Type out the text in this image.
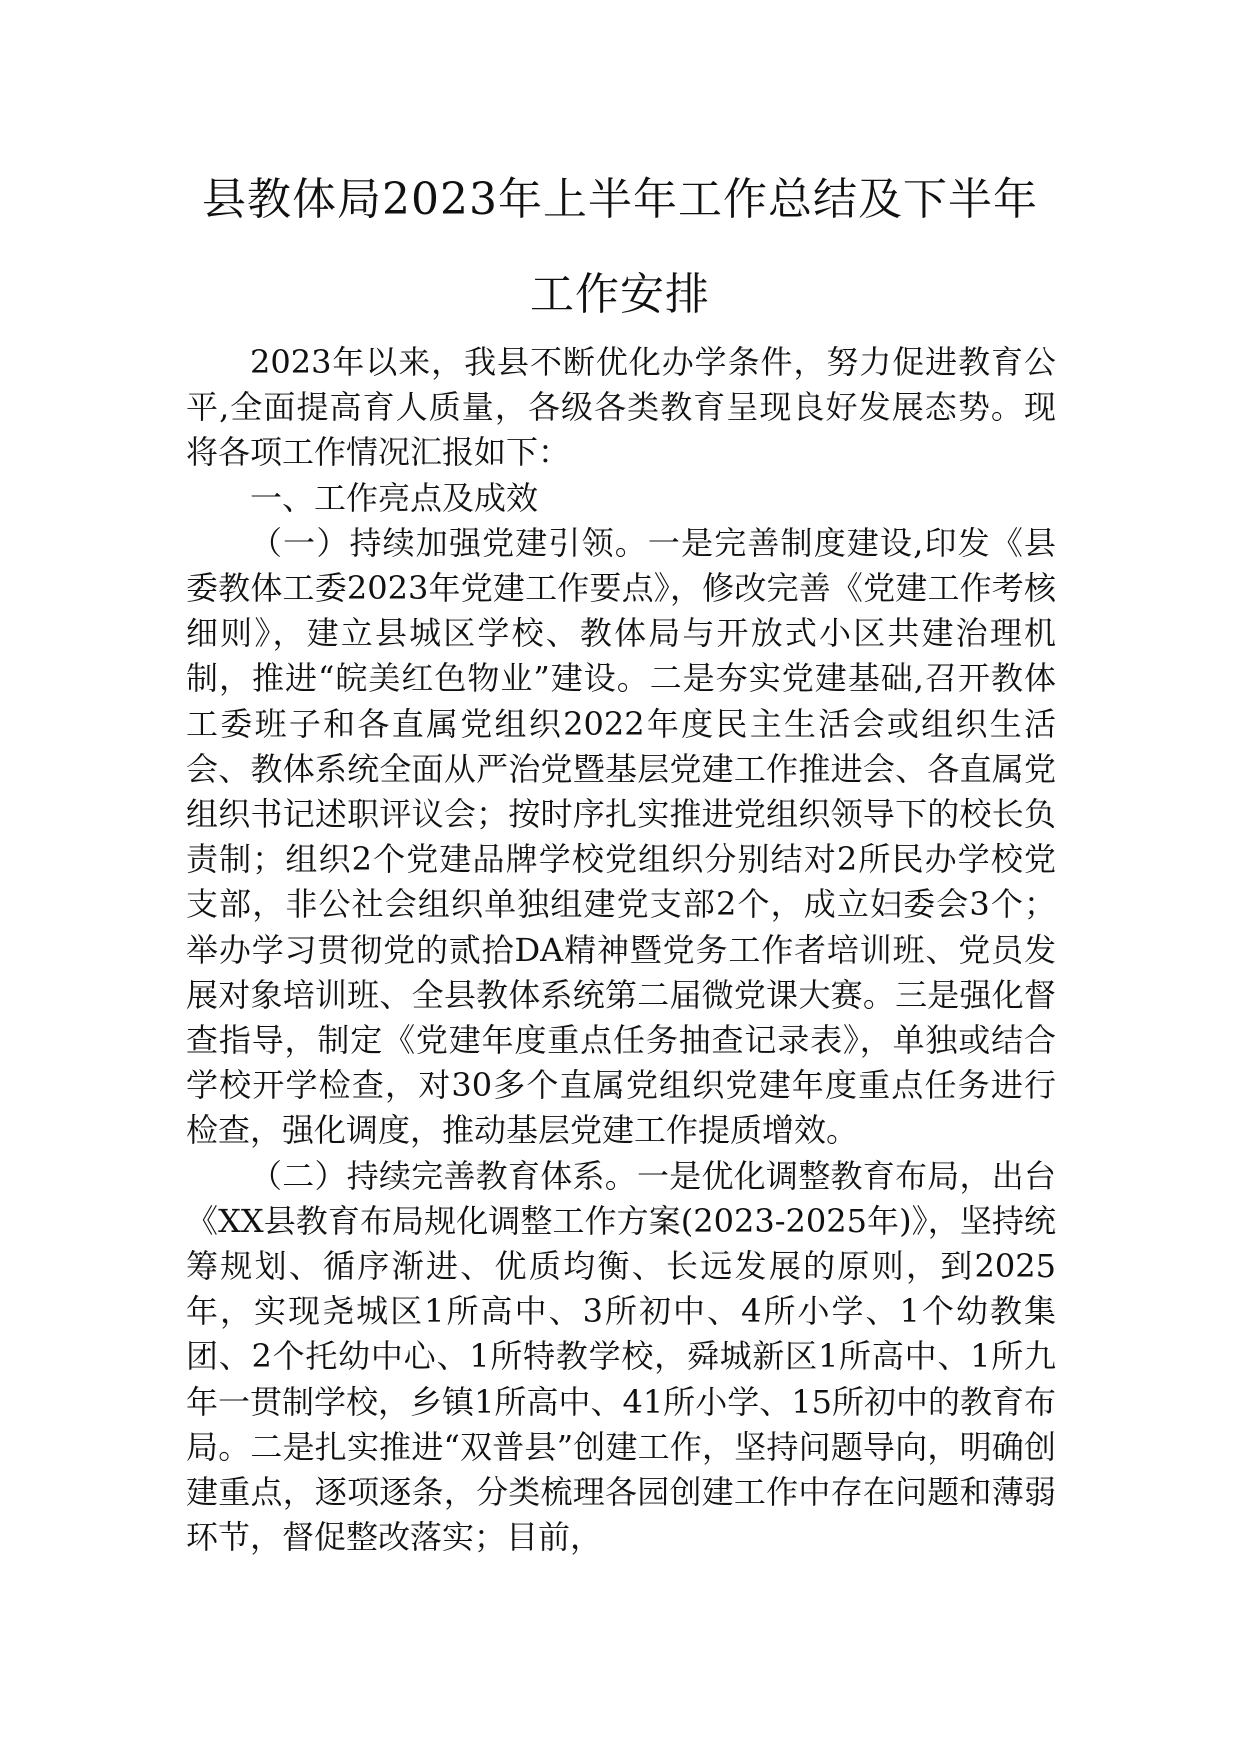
县教体局2023年上半年工作总结及下半年
工作安排

2023年以来，我县不断优化办学条件，努力促进教育公平,全面提高育人质量，各级各类教育呈现良好发展态势。现将各项工作情况汇报如下：

一、工作亮点及成效

（一）持续加强党建引领。一是完善制度建设,印发《县委教体工委2023年党建工作要点》，修改完善《党建工作考核细则》，建立县城区学校、教体局与开放式小区共建治理机制，推进“皖美红色物业”建设。二是夯实党建基础,召开教体工委班子和各直属党组织2022年度民主生活会或组织生活会、教体系统全面从严治党暨基层党建工作推进会、各直属党组织书记述职评议会；按时序扎实推进党组织领导下的校长负责制；组织2个党建品牌学校党组织分别结对2所民办学校党支部，非公社会组织单独组建党支部2个，成立妇委会3个；举办学习贯彻党的贰拾DA精神暨党务工作者培训班、党员发展对象培训班、全县教体系统第二届微党课大赛。三是强化督查指导，制定《党建年度重点任务抽查记录表》，单独或结合学校开学检查，对30多个直属党组织党建年度重点任务进行检查，强化调度，推动基层党建工作提质增效。

（二）持续完善教育体系。一是优化调整教育布局，出台《XX县教育布局规化调整工作方案(2023-2025年)》，坚持统筹规划、循序渐进、优质均衡、长远发展的原则，到2025年，实现尧城区1所高中、3所初中、4所小学、1个幼教集团、2个托幼中心、1所特教学校，舜城新区1所高中、1所九年一贯制学校，乡镇1所高中、41所小学、15所初中的教育布局。二是扎实推进“双普县”创建工作，坚持问题导向，明确创建重点，逐项逐条，分类梳理各园创建工作中存在问题和薄弱环节，督促整改落实；目前，
